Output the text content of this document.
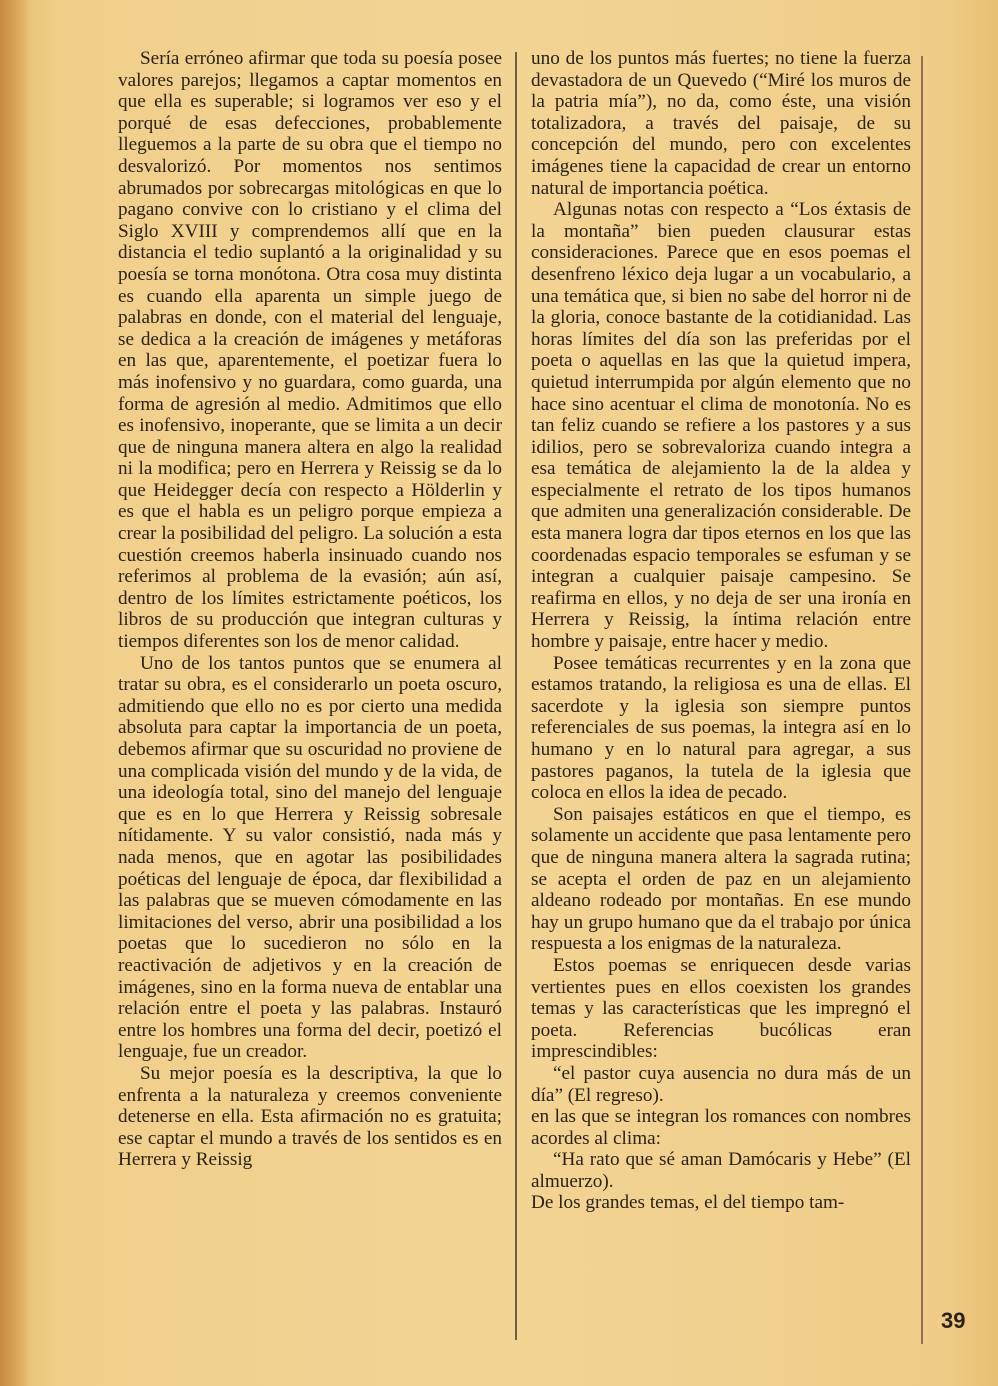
Sería erróneo afirmar que toda su poesía posee valores parejos; llegamos a captar momentos en que ella es superable; si logramos ver eso y el porqué de esas defecciones, probablemente lleguemos a la parte de su obra que el tiempo no desvalorizó. Por momentos nos sentimos abrumados por sobrecargas mitológicas en que lo pagano convive con lo cristiano y el clima del Siglo XVIII y comprendemos allí que en la distancia el tedio suplantó a la originalidad y su poesía se torna monótona. Otra cosa muy distinta es cuando ella aparenta un simple juego de palabras en donde, con el material del lenguaje, se dedica a la creación de imágenes y metáforas en las que, aparentemente, el poetizar fuera lo más inofensivo y no guardara, como guarda, una forma de agresión al medio. Admitimos que ello es inofensivo, inoperante, que se limita a un decir que de ninguna manera altera en algo la realidad ni la modifica; pero en Herrera y Reissig se da lo que Heidegger decía con respecto a Hölderlin y es que el habla es un peligro porque empieza a crear la posibilidad del peligro. La solución a esta cuestión creemos haberla insinuado cuando nos referimos al problema de la evasión; aún así, dentro de los límites estrictamente poéticos, los libros de su producción que integran culturas y tiempos diferentes son los de menor calidad.

Uno de los tantos puntos que se enumera al tratar su obra, es el considerarlo un poeta oscuro, admitiendo que ello no es por cierto una medida absoluta para captar la importancia de un poeta, debemos afirmar que su oscuridad no proviene de una complicada visión del mundo y de la vida, de una ideología total, sino del manejo del lenguaje que es en lo que Herrera y Reissig sobresale nítidamente. Y su valor consistió, nada más y nada menos, que en agotar las posibilidades poéticas del lenguaje de época, dar flexibilidad a las palabras que se mueven cómodamente en las limitaciones del verso, abrir una posibilidad a los poetas que lo sucedieron no sólo en la reactivación de adjetivos y en la creación de imágenes, sino en la forma nueva de entablar una relación entre el poeta y las palabras. Instauró entre los hombres una forma del decir, poetizó el lenguaje, fue un creador.

Su mejor poesía es la descriptiva, la que lo enfrenta a la naturaleza y creemos conveniente detenerse en ella. Esta afirmación no es gratuita; ese captar el mundo a través de los sentidos es en Herrera y Reissig

uno de los puntos más fuertes; no tiene la fuerza devastadora de un Quevedo (“Miré los muros de la patria mía”), no da, como éste, una visión totalizadora, a través del paisaje, de su concepción del mundo, pero con excelentes imágenes tiene la capacidad de crear un entorno natural de importancia poética.

Algunas notas con respecto a “Los éxtasis de la montaña” bien pueden clausurar estas consideraciones. Parece que en esos poemas el desenfreno léxico deja lugar a un vocabulario, a una temática que, si bien no sabe del horror ni de la gloria, conoce bastante de la cotidianidad. Las horas límites del día son las preferidas por el poeta o aquellas en las que la quietud impera, quietud interrumpida por algún elemento que no hace sino acentuar el clima de monotonía. No es tan feliz cuando se refiere a los pastores y a sus idilios, pero se sobrevaloriza cuando integra a esa temática de alejamiento la de la aldea y especialmente el retrato de los tipos humanos que admiten una generalización considerable. De esta manera logra dar tipos eternos en los que las coordenadas espacio temporales se esfuman y se integran a cualquier paisaje campesino. Se reafirma en ellos, y no deja de ser una ironía en Herrera y Reissig, la íntima relación entre hombre y paisaje, entre hacer y medio.

Posee temáticas recurrentes y en la zona que estamos tratando, la religiosa es una de ellas. El sacerdote y la iglesia son siempre puntos referenciales de sus poemas, la integra así en lo humano y en lo natural para agregar, a sus pastores paganos, la tutela de la iglesia que coloca en ellos la idea de pecado.

Son paisajes estáticos en que el tiempo, es solamente un accidente que pasa lentamente pero que de ninguna manera altera la sagrada rutina; se acepta el orden de paz en un alejamiento aldeano rodeado por montañas. En ese mundo hay un grupo humano que da el trabajo por única respuesta a los enigmas de la naturaleza.

Estos poemas se enriquecen desde varias vertientes pues en ellos coexisten los grandes temas y las características que les impregnó el poeta. Referencias bucólicas eran imprescindibles:

“el pastor cuya ausencia no dura más de un día” (El regreso).

en las que se integran los romances con nombres acordes al clima:

“Ha rato que sé aman Damócaris y Hebe” (El almuerzo).

De los grandes temas, el del tiempo tam-

39
